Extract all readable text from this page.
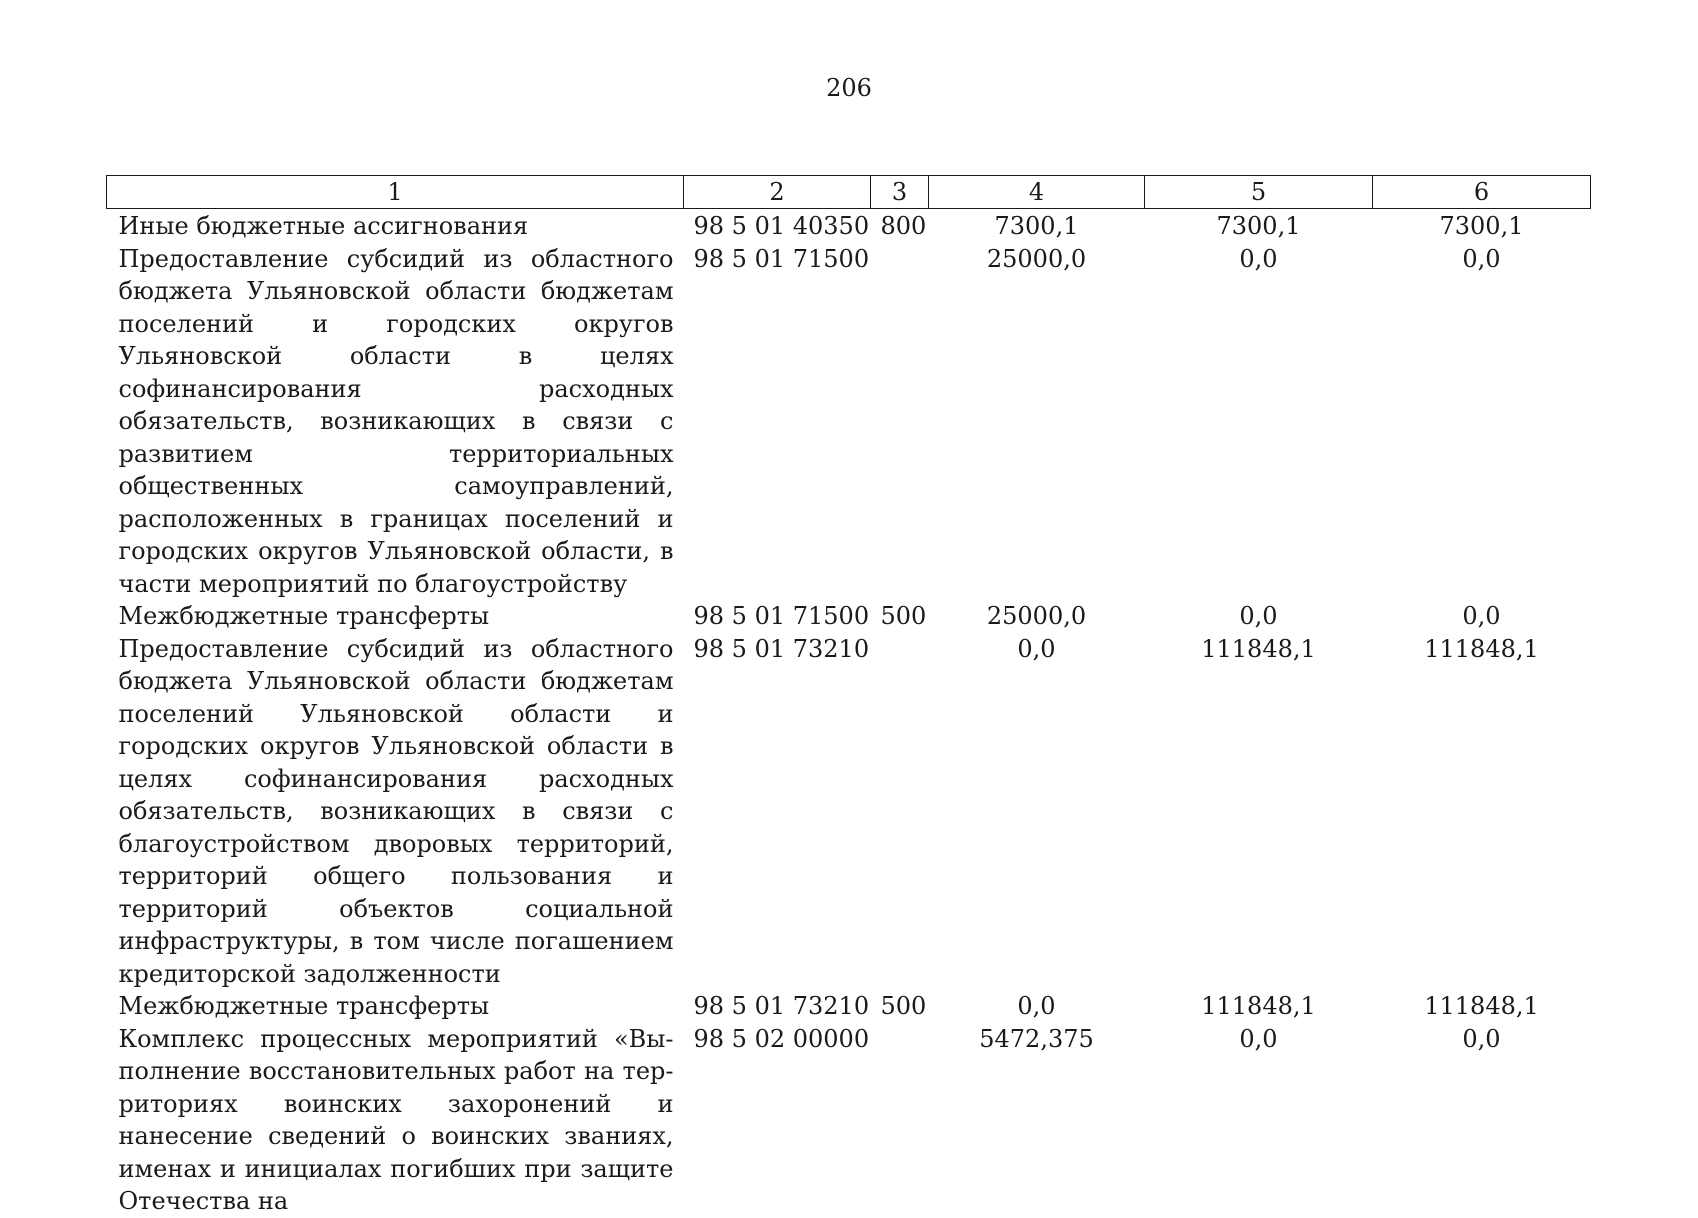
206
1	2	3	4	5	6
Иные бюджетные ассигнования	98 5 01 40350	800	7300,1	7300,1	7300,1
Предоставление субсидий из областного бюджета Ульяновской области бюджетам поселений и городских округов Ульяновской области в целях софинансирования расходных обязательств, возникающих в связи с развитием территориальных общественных самоуправлений, расположенных в границах поселений и городских округов Ульяновской области, в части мероприятий по благоустройству	98 5 01 71500		25000,0	0,0	0,0
Межбюджетные трансферты	98 5 01 71500	500	25000,0	0,0	0,0
Предоставление субсидий из областного бюджета Ульяновской области бюджетам поселений Ульяновской области и городских округов Ульяновской области в целях софинансирования расходных обязательств, возникающих в связи с благоустройством дворовых территорий, территорий общего пользования и территорий объектов социальной инфраструктуры, в том числе погашением кредиторской задолженности	98 5 01 73210		0,0	111848,1	111848,1
Межбюджетные трансферты	98 5 01 73210	500	0,0	111848,1	111848,1
Комплекс процессных мероприятий «Выполнение восстановительных работ на территориях воинских захоронений и нанесение сведений о воинских званиях, именах и инициалах погибших при защите Отечества на	98 5 02 00000		5472,375	0,0	0,0
